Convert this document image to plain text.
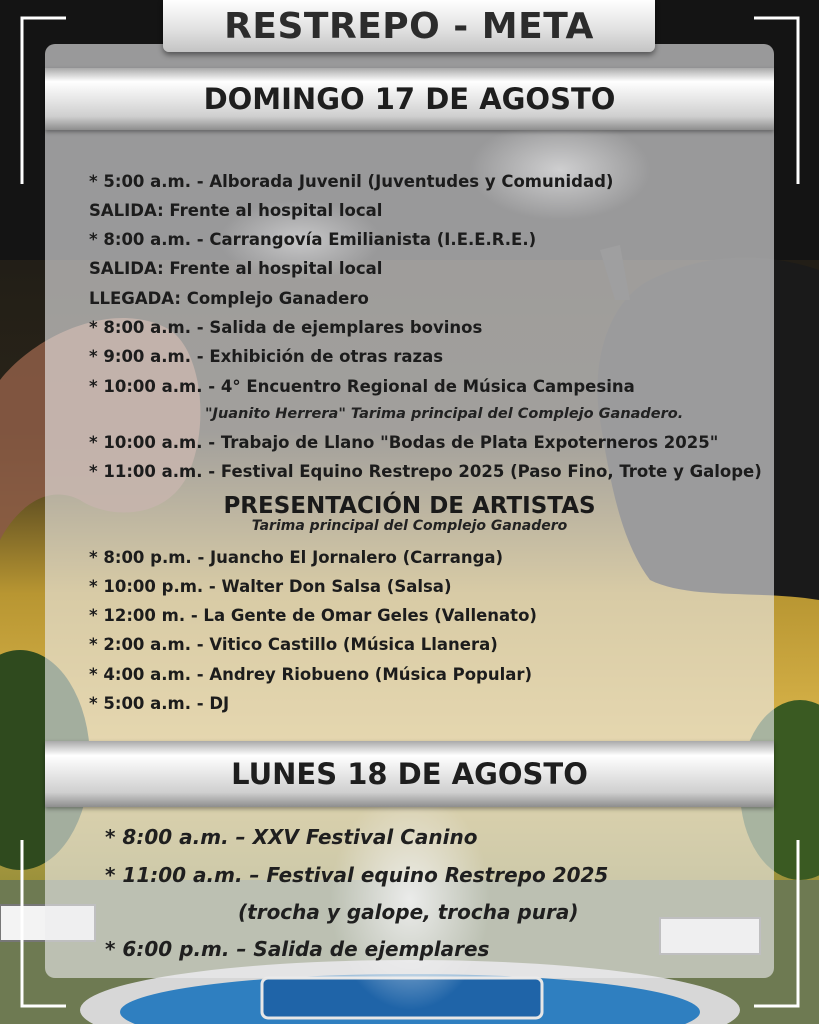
RESTREPO - META
DOMINGO 17 DE AGOSTO
* 5:00 a.m. - Alborada Juvenil (Juventudes y Comunidad)
SALIDA: Frente al hospital local
* 8:00 a.m. - Carrangovía Emilianista (I.E.E.R.E.)
SALIDA: Frente al hospital local
LLEGADA: Complejo Ganadero
* 8:00 a.m. - Salida de ejemplares bovinos
* 9:00 a.m. - Exhibición de otras razas
* 10:00 a.m. - 4° Encuentro Regional de Música Campesina
"Juanito Herrera" Tarima principal del Complejo Ganadero.
* 10:00 a.m. - Trabajo de Llano "Bodas de Plata Expoterneros 2025"
* 11:00 a.m. - Festival Equino Restrepo 2025 (Paso Fino, Trote y Galope)
PRESENTACIÓN DE ARTISTAS
Tarima principal del Complejo Ganadero
* 8:00 p.m. - Juancho El Jornalero (Carranga)
* 10:00 p.m. - Walter Don Salsa (Salsa)
* 12:00 m. - La Gente de Omar Geles (Vallenato)
* 2:00 a.m. - Vitico Castillo (Música Llanera)
* 4:00 a.m. - Andrey Riobueno (Música Popular)
* 5:00 a.m. - DJ
LUNES 18 DE AGOSTO
* 8:00 a.m. – XXV Festival Canino
* 11:00 a.m. – Festival equino Restrepo 2025
(trocha y galope, trocha pura)
* 6:00 p.m. – Salida de ejemplares
